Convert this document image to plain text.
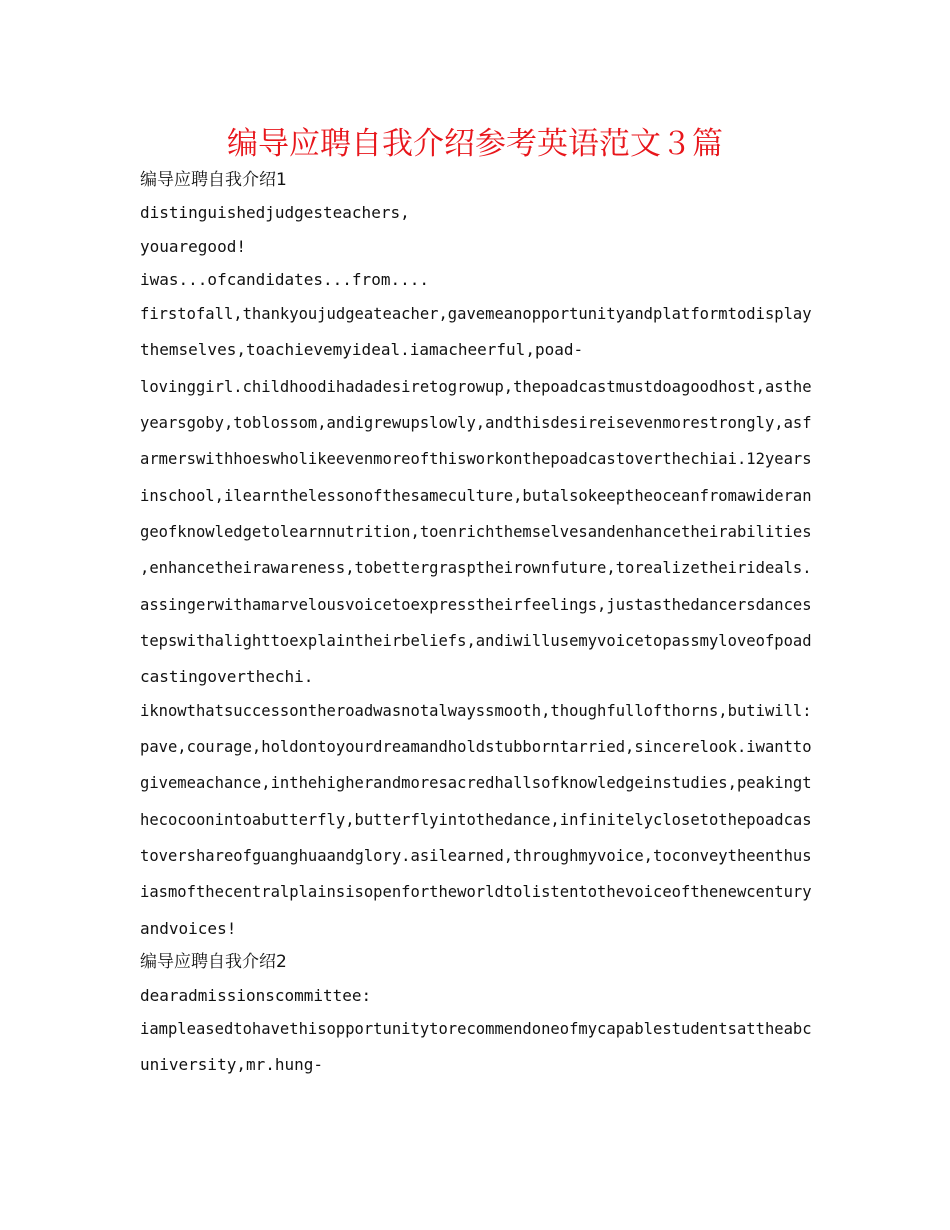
编导应聘自我介绍参考英语范文３篇
编导应聘自我介绍1
distinguishedjudgesteachers,
youaregood!
iwas...ofcandidates...from....
firstofall,thankyoujudgeateacher,gavemeanopportunityandplatformtodisplay
themselves,toachievemyideal.iamacheerful,poad-
lovinggirl.childhoodihadadesiretogrowup,thepoadcastmustdoagoodhost,asthe
yearsgoby,toblossom,andigrewupslowly,andthisdesireisevenmorestrongly,asf
armerswithhoeswholikeevenmoreofthisworkonthepoadcastoverthechiai.12years
inschool,ilearnthelessonofthesameculture,butalsokeeptheoceanfromawideran
geofknowledgetolearnnutrition,toenrichthemselvesandenhancetheirabilities
,enhancetheirawareness,tobettergrasptheirownfuture,torealizetheirideals.
assingerwithamarvelousvoicetoexpresstheirfeelings,justasthedancersdances
tepswithalighttoexplaintheirbeliefs,andiwillusemyvoicetopassmyloveofpoad
castingoverthechi.
iknowthatsuccessontheroadwasnotalwayssmooth,thoughfullofthorns,butiwill:
pave,courage,holdontoyourdreamandholdstubborntarried,sincerelook.iwantto
givemeachance,inthehigherandmoresacredhallsofknowledgeinstudies,peakingt
hecocoonintoabutterfly,butterflyintothedance,infinitelyclosetothepoadcas
tovershareofguanghuaandglory.asilearned,throughmyvoice,toconveytheenthus
iasmofthecentralplainsisopenfortheworldtolistentothevoiceofthenewcentury
andvoices!
编导应聘自我介绍2
dearadmissionscommittee:
iampleasedtohavethisopportunitytorecommendoneofmycapablestudentsattheabc
university,mr.hung-
